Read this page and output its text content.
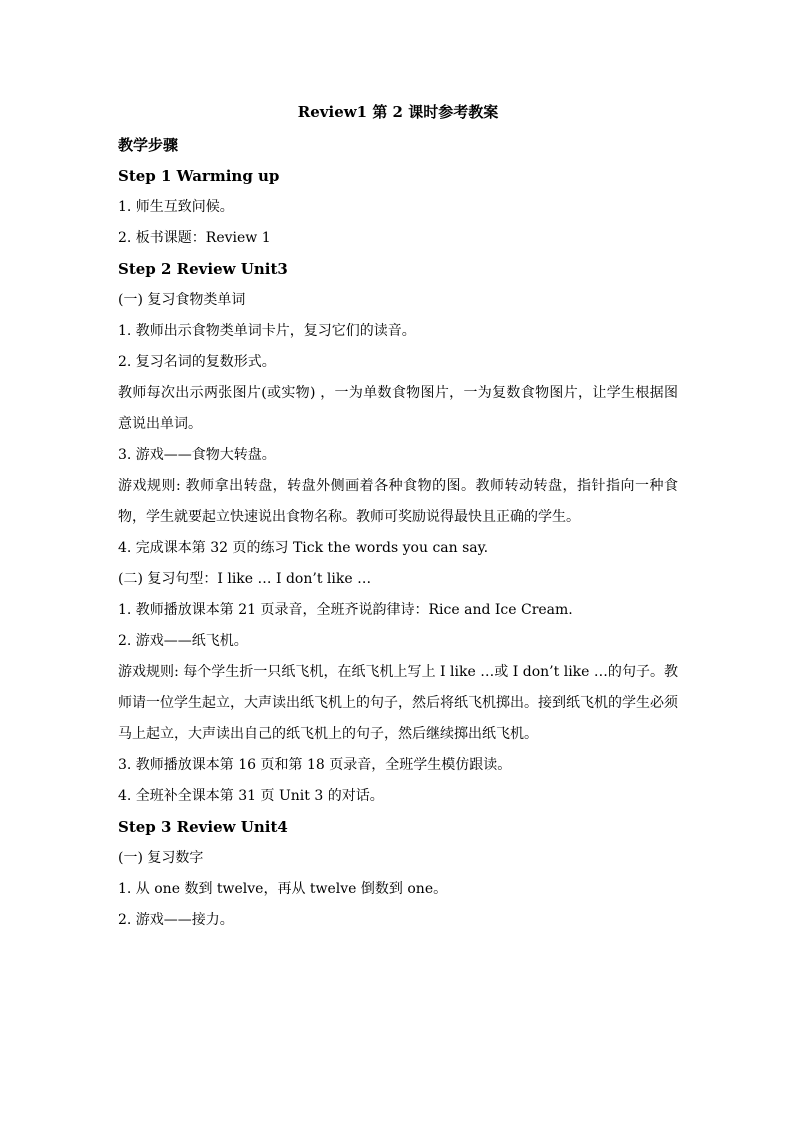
Review1 第 2 课时参考教案
教学步骤
Step 1 Warming up
1. 师生互致问候。
2. 板书课题：Review 1
Step 2 Review Unit3
(一) 复习食物类单词
1. 教师出示食物类单词卡片，复习它们的读音。
2. 复习名词的复数形式。
教师每次出示两张图片(或实物) ，一为单数食物图片，一为复数食物图片，让学生根据图意说出单词。
3. 游戏——食物大转盘。
游戏规则: 教师拿出转盘，转盘外侧画着各种食物的图。教师转动转盘，指针指向一种食物，学生就要起立快速说出食物名称。教师可奖励说得最快且正确的学生。
4. 完成课本第 32 页的练习 Tick the words you can say.
(二) 复习句型：I like … I don’t like …
1. 教师播放课本第 21 页录音，全班齐说韵律诗：Rice and Ice Cream.
2. 游戏——纸飞机。
游戏规则: 每个学生折一只纸飞机，在纸飞机上写上 I like …或 I don’t like …的句子。教师请一位学生起立，大声读出纸飞机上的句子，然后将纸飞机掷出。接到纸飞机的学生必须马上起立，大声读出自己的纸飞机上的句子，然后继续掷出纸飞机。
3. 教师播放课本第 16 页和第 18 页录音，全班学生模仿跟读。
4. 全班补全课本第 31 页 Unit 3 的对话。
Step 3 Review Unit4
(一) 复习数字
1. 从 one 数到 twelve，再从 twelve 倒数到 one。
2. 游戏——接力。
